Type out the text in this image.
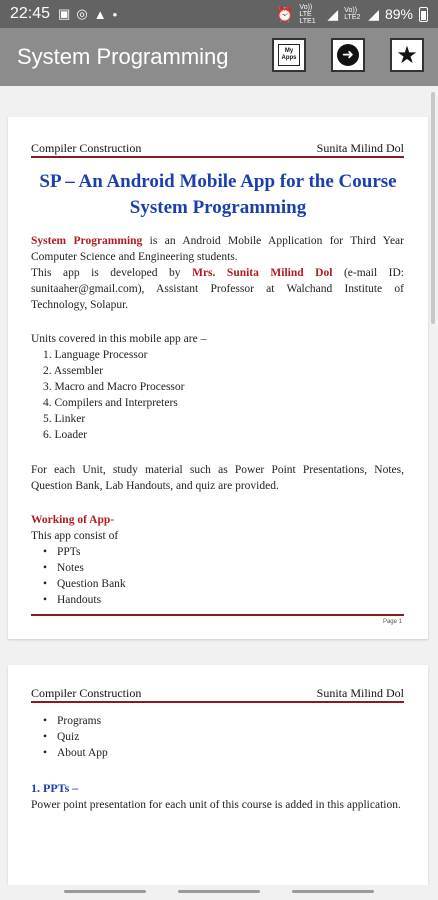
22:45 ▣ ◎ ▲ •	⏰ Vo)) LTE LTE1 ◢ Vo)) LTE2 ◢ 89%
System Programming	My Apps	➜ ★
Compiler Construction	Sunita Milind Dol
SP – An Android Mobile App for the Course
System Programming
System Programming is an Android Mobile Application for Third Year Computer Science and Engineering students.
This app is developed by Mrs. Sunita Milind Dol (e-mail ID: sunitaaher@gmail.com), Assistant Professor at Walchand Institute of Technology, Solapur.
Units covered in this mobile app are –
1. Language Processor
2. Assembler
3. Macro and Macro Processor
4. Compilers and Interpreters
5. Linker
6. Loader
For each Unit, study material such as Power Point Presentations, Notes, Question Bank, Lab Handouts, and quiz are provided.
Working of App-
This app consist of
• PPTs
• Notes
• Question Bank
• Handouts
Page 1
Compiler Construction	Sunita Milind Dol
• Programs
• Quiz
• About App
1. PPTs –
Power point presentation for each unit of this course is added in this application.
